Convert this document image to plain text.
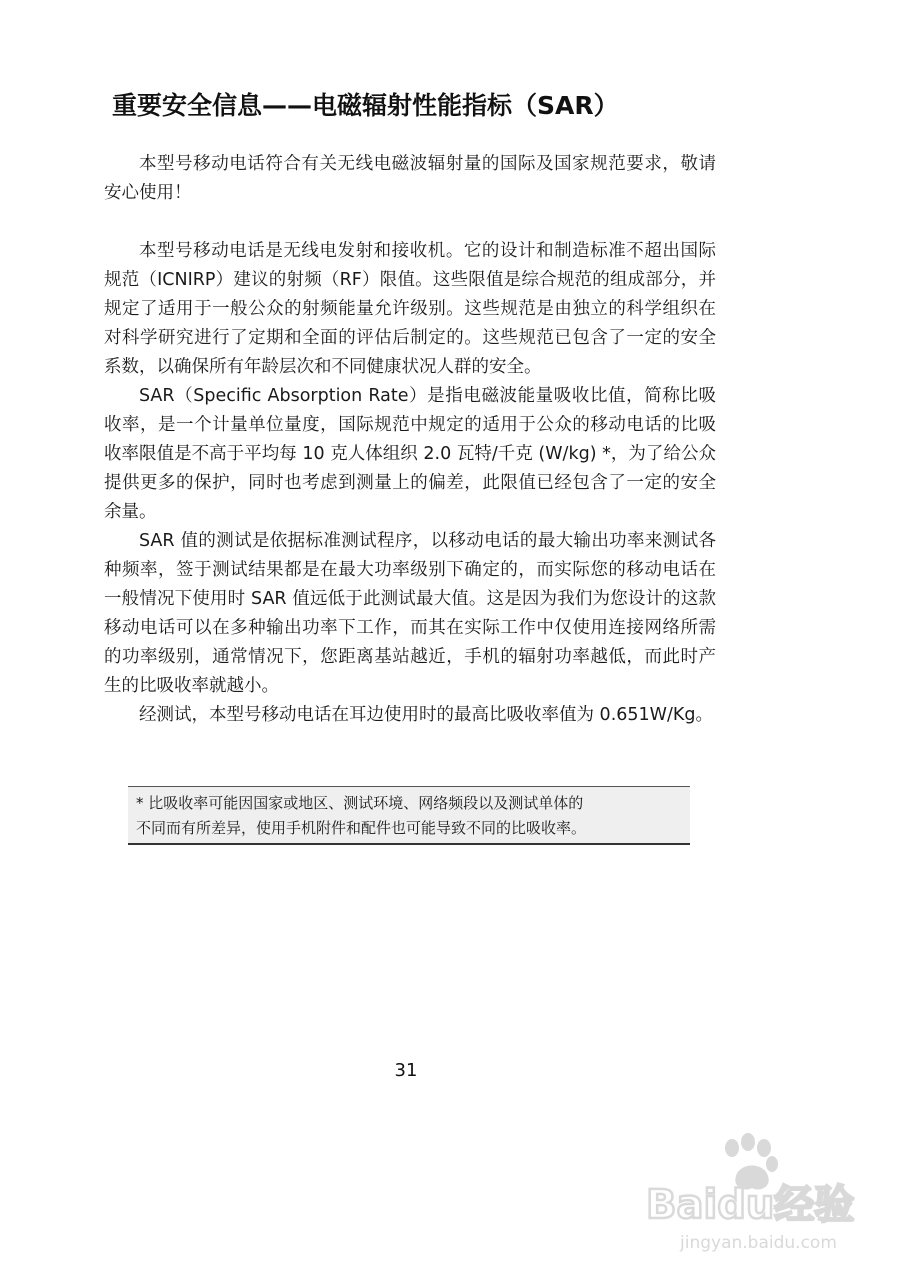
重要安全信息——电磁辐射性能指标（SAR）

本型号移动电话符合有关无线电磁波辐射量的国际及国家规范要求，敬请安心使用！

本型号移动电话是无线电发射和接收机。它的设计和制造标准不超出国际规范（ICNIRP）建议的射频（RF）限值。这些限值是综合规范的组成部分，并规定了适用于一般公众的射频能量允许级别。这些规范是由独立的科学组织在对科学研究进行了定期和全面的评估后制定的。这些规范已包含了一定的安全系数，以确保所有年龄层次和不同健康状况人群的安全。

SAR（Specific Absorption Rate）是指电磁波能量吸收比值，简称比吸收率，是一个计量单位量度，国际规范中规定的适用于公众的移动电话的比吸收率限值是不高于平均每 10 克人体组织 2.0 瓦特/千克 (W/kg) *，为了给公众提供更多的保护，同时也考虑到测量上的偏差，此限值已经包含了一定的安全余量。

SAR 值的测试是依据标准测试程序，以移动电话的最大输出功率来测试各种频率，签于测试结果都是在最大功率级别下确定的，而实际您的移动电话在一般情况下使用时 SAR 值远低于此测试最大值。这是因为我们为您设计的这款移动电话可以在多种输出功率下工作，而其在实际工作中仅使用连接网络所需的功率级别，通常情况下，您距离基站越近，手机的辐射功率越低，而此时产生的比吸收率就越小。

经测试，本型号移动电话在耳边使用时的最高比吸收率值为 0.651W/Kg。

* 比吸收率可能因国家或地区、测试环境、网络频段以及测试单体的
不同而有所差异，使用手机附件和配件也可能导致不同的比吸收率。
31
Baidu经验
jingyan.baidu.com
